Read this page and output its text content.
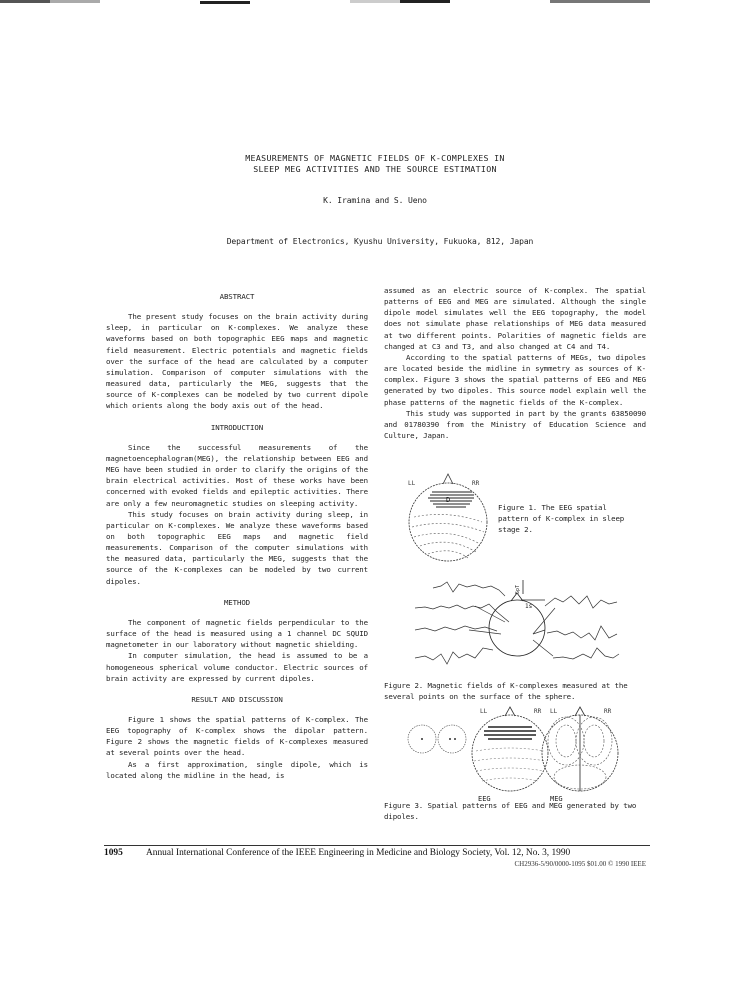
MEASUREMENTS OF MAGNETIC FIELDS OF K-COMPLEXES IN
SLEEP MEG ACTIVITIES AND THE SOURCE ESTIMATION
K. Iramina and S. Ueno
Department of Electronics, Kyushu University, Fukuoka, 812, Japan

ABSTRACT

The present study focuses on the brain activity during sleep, in particular on K-complexes. We analyze these waveforms based on both topographic EEG maps and magnetic field measurement. Electric potentials and magnetic fields over the surface of the head are calculated by a computer simulation. Comparison of computer simulations with the measured data, particularly the MEG, suggests that the source of K-complexes can be modeled by two current dipole which orients along the body axis out of the head.

INTRODUCTION

Since the successful measurements of the magnetoencephalogram(MEG), the relationship between EEG and MEG have been studied in order to clarify the origins of the brain electrical activities. Most of these works have been concerned with evoked fields and epileptic activities. There are only a few neuromagnetic studies on sleeping activity.

This study focuses on brain activity during sleep, in particular on K-complexes. We analyze these waveforms based on both topographic EEG maps and magnetic field measurements. Comparison of the computer simulations with the measured data, particularly the MEG, suggests that the source of the K-complexes can be modeled by two current dipoles.

METHOD

The component of magnetic fields perpendicular to the surface of the head is measured using a 1 channel DC SQUID magnetometer in our laboratory without magnetic shielding.

In computer simulation, the head is assumed to be a homogeneous spherical volume conductor. Electric sources of brain activity are expressed by current dipoles.

RESULT AND DISCUSSION

Figure 1 shows the spatial patterns of K-complex. The EEG topography of K-complex shows the dipolar pattern. Figure 2 shows the magnetic fields of K-complexes measured at several points over the head.

As a first approximation, single dipole, which is located along the midline in the head, is

assumed as an electric source of K-complex. The spatial patterns of EEG and MEG are simulated. Although the single dipole model simulates well the EEG topography, the model does not simulate phase relationships of MEG data measured at two different points. Polarities of magnetic fields are changed at C3 and T3, and also changed at C4 and T4.

According to the spatial patterns of MEGs, two dipoles are located beside the midline in symmetry as sources of K-complex. Figure 3 shows the spatial patterns of EEG and MEG generated by two dipoles. This source model explain well the phase patterns of the magnetic fields of the K-complex.

This study was supported in part by the grants 63850090 and 01780390 from the Ministry of Education Science and Culture, Japan.

D
LL	RR
Figure 1. The EEG spatial pattern of K-complex in sleep stage 2.
1s
5pT
Figure 2. Magnetic fields of K-complexes measured at the several points on the surface of the sphere.
EEG	MEG
LL	RR LL	RR
Figure 3. Spatial patterns of EEG and MEG generated by two dipoles.
1095 Annual International Conference of the IEEE Engineering in Medicine and Biology Society, Vol. 12, No. 3, 1990
CH2936-5/90/0000-1095 $01.00 © 1990 IEEE
